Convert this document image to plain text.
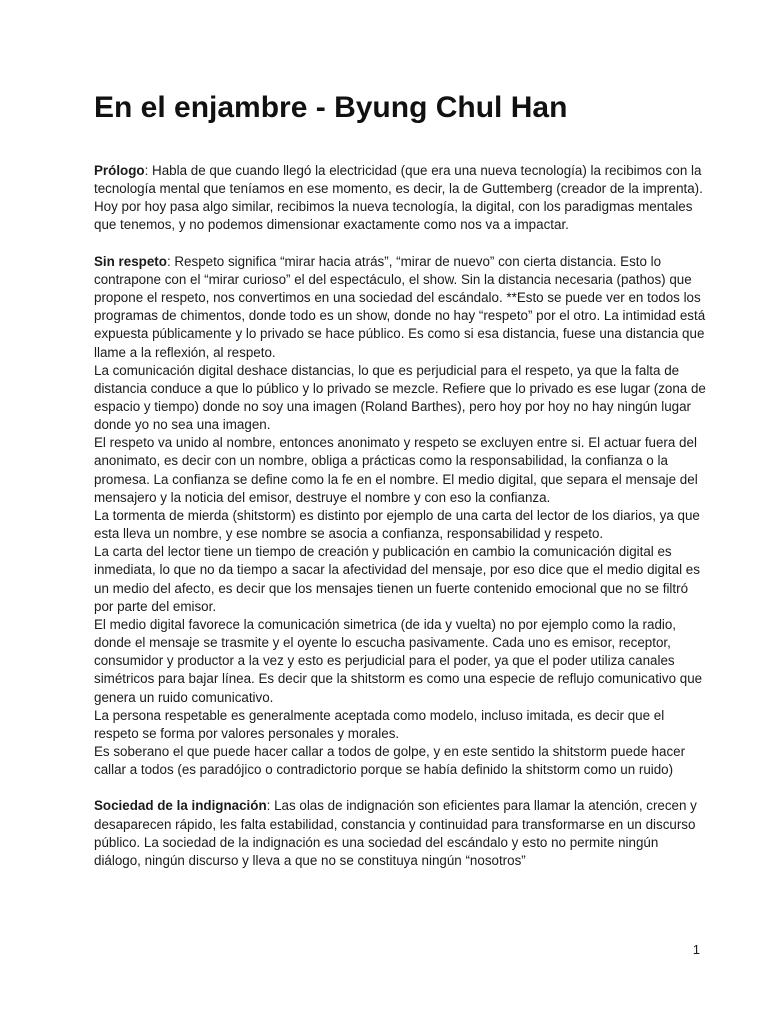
En el enjambre - Byung Chul Han

Prólogo: Habla de que cuando llegó la electricidad (que era una nueva tecnología) la recibimos con la tecnología mental que teníamos en ese momento, es decir, la de Guttemberg (creador de la imprenta). Hoy por hoy pasa algo similar, recibimos la nueva tecnología, la digital, con los paradigmas mentales que tenemos, y no podemos dimensionar exactamente como nos va a impactar.

Sin respeto: Respeto significa “mirar hacia atrás”, “mirar de nuevo” con cierta distancia. Esto lo contrapone con el “mirar curioso” el del espectáculo, el show. Sin la distancia necesaria (pathos) que propone el respeto, nos convertimos en una sociedad del escándalo. **Esto se puede ver en todos los programas de chimentos, donde todo es un show, donde no hay “respeto” por el otro. La intimidad está expuesta públicamente y lo privado se hace público. Es como si esa distancia, fuese una distancia que llame a la reflexión, al respeto.

La comunicación digital deshace distancias, lo que es perjudicial para el respeto, ya que la falta de distancia conduce a que lo público y lo privado se mezcle. Refiere que lo privado es ese lugar (zona de espacio y tiempo) donde no soy una imagen (Roland Barthes), pero hoy por hoy no hay ningún lugar donde yo no sea una imagen.

El respeto va unido al nombre, entonces anonimato y respeto se excluyen entre si. El actuar fuera del anonimato, es decir con un nombre, obliga a prácticas como la responsabilidad, la confianza o la promesa. La confianza se define como la fe en el nombre. El medio digital, que separa el mensaje del mensajero y la noticia del emisor, destruye el nombre y con eso la confianza.

La tormenta de mierda (shitstorm) es distinto por ejemplo de una carta del lector de los diarios, ya que esta lleva un nombre, y ese nombre se asocia a confianza, responsabilidad y respeto.

La carta del lector tiene un tiempo de creación y publicación en cambio la comunicación digital es inmediata, lo que no da tiempo a sacar la afectividad del mensaje, por eso dice que el medio digital es un medio del afecto, es decir que los mensajes tienen un fuerte contenido emocional que no se filtró por parte del emisor.

El medio digital favorece la comunicación simetrica (de ida y vuelta) no por ejemplo como la radio, donde el mensaje se trasmite y el oyente lo escucha pasivamente. Cada uno es emisor, receptor, consumidor y productor a la vez y esto es perjudicial para el poder, ya que el poder utiliza canales simétricos para bajar línea. Es decir que la shitstorm es como una especie de reflujo comunicativo que genera un ruido comunicativo.

La persona respetable es generalmente aceptada como modelo, incluso imitada, es decir que el respeto se forma por valores personales y morales.

Es soberano el que puede hacer callar a todos de golpe, y en este sentido la shitstorm puede hacer callar a todos (es paradójico o contradictorio porque se había definido la shitstorm como un ruido)

Sociedad de la indignación: Las olas de indignación son eficientes para llamar la atención, crecen y desaparecen rápido, les falta estabilidad, constancia y continuidad para transformarse en un discurso público. La sociedad de la indignación es una sociedad del escándalo y esto no permite ningún diálogo, ningún discurso y lleva a que no se constituya ningún “nosotros”

1
